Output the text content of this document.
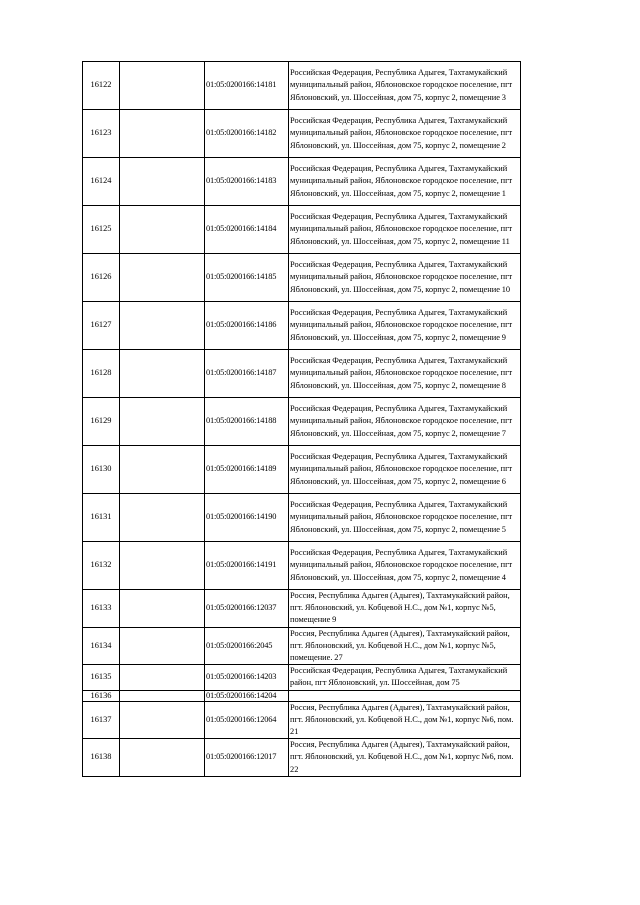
16122		01:05:0200166:14181	Российская Федерация, Республика Адыгея, Тахтамукайский муниципальный район, Яблоновское городское поселение, пгт Яблоновский, ул. Шоссейная, дом 75, корпус 2, помещение 3
16123		01:05:0200166:14182	Российская Федерация, Республика Адыгея, Тахтамукайский муниципальный район, Яблоновское городское поселение, пгт Яблоновский, ул. Шоссейная, дом 75, корпус 2, помещение 2
16124		01:05:0200166:14183	Российская Федерация, Республика Адыгея, Тахтамукайский муниципальный район, Яблоновское городское поселение, пгт Яблоновский, ул. Шоссейная, дом 75, корпус 2, помещение 1
16125		01:05:0200166:14184	Российская Федерация, Республика Адыгея, Тахтамукайский муниципальный район, Яблоновское городское поселение, пгт Яблоновский, ул. Шоссейная, дом 75, корпус 2, помещение 11
16126		01:05:0200166:14185	Российская Федерация, Республика Адыгея, Тахтамукайский муниципальный район, Яблоновское городское поселение, пгт Яблоновский, ул. Шоссейная, дом 75, корпус 2, помещение 10
16127		01:05:0200166:14186	Российская Федерация, Республика Адыгея, Тахтамукайский муниципальный район, Яблоновское городское поселение, пгт Яблоновский, ул. Шоссейная, дом 75, корпус 2, помещение 9
16128		01:05:0200166:14187	Российская Федерация, Республика Адыгея, Тахтамукайский муниципальный район, Яблоновское городское поселение, пгт Яблоновский, ул. Шоссейная, дом 75, корпус 2, помещение 8
16129		01:05:0200166:14188	Российская Федерация, Республика Адыгея, Тахтамукайский муниципальный район, Яблоновское городское поселение, пгт Яблоновский, ул. Шоссейная, дом 75, корпус 2, помещение 7
16130		01:05:0200166:14189	Российская Федерация, Республика Адыгея, Тахтамукайский муниципальный район, Яблоновское городское поселение, пгт Яблоновский, ул. Шоссейная, дом 75, корпус 2, помещение 6
16131		01:05:0200166:14190	Российская Федерация, Республика Адыгея, Тахтамукайский муниципальный район, Яблоновское городское поселение, пгт Яблоновский, ул. Шоссейная, дом 75, корпус 2, помещение 5
16132		01:05:0200166:14191	Российская Федерация, Республика Адыгея, Тахтамукайский муниципальный район, Яблоновское городское поселение, пгт Яблоновский, ул. Шоссейная, дом 75, корпус 2, помещение 4
16133		01:05:0200166:12037	Россия, Республика Адыгея (Адыгея), Тахтамукайский район, пгт. Яблоновский, ул. Кобцевой Н.С., дом №1, корпус №5, помещение 9
16134		01:05:0200166:2045	Россия, Республика Адыгея (Адыгея), Тахтамукайский район, пгт. Яблоновский, ул. Кобцевой Н.С., дом №1, корпус №5, помещение. 27
16135		01:05:0200166:14203	Российская Федерация, Республика Адыгея, Тахтамукайский район, пгт Яблоновский, ул. Шоссейная, дом 75
16136		01:05:0200166:14204	
16137		01:05:0200166:12064	Россия, Республика Адыгея (Адыгея), Тахтамукайский район, пгт. Яблоновский, ул. Кобцевой Н.С., дом №1, корпус №6, пом. 21
16138		01:05:0200166:12017	Россия, Республика Адыгея (Адыгея), Тахтамукайский район, пгт. Яблоновский, ул. Кобцевой Н.С., дом №1, корпус №6, пом. 22
